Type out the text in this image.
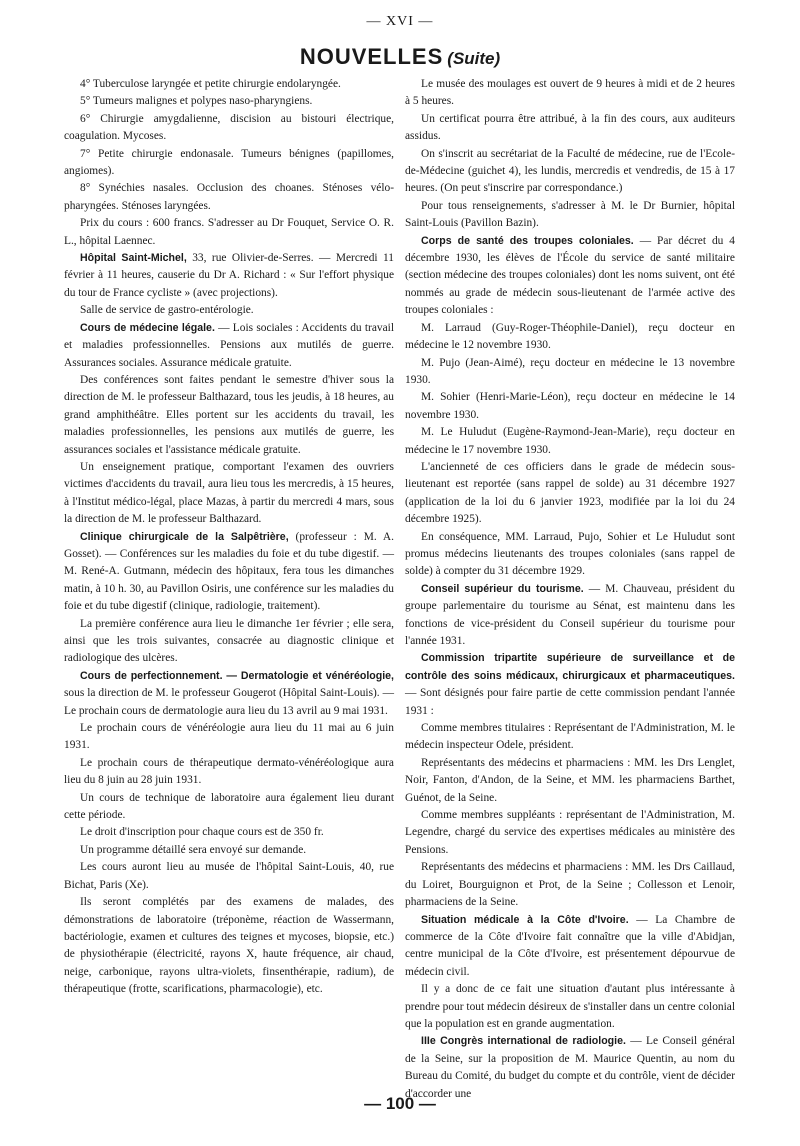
— XVI —
NOUVELLES (Suite)

4° Tuberculose laryngée et petite chirurgie endolaryngée.

5° Tumeurs malignes et polypes naso-pharyngiens.

6° Chirurgie amygdalienne, discision au bistouri électrique, coagulation. Mycoses.

7° Petite chirurgie endonasale. Tumeurs bénignes (papillomes, angiomes).

8° Synéchies nasales. Occlusion des choanes. Sténoses vélo-pharyngées. Sténoses laryngées.

Prix du cours : 600 francs. S'adresser au Dr Fouquet, Service O. R. L., hôpital Laennec.

Hôpital Saint-Michel, 33, rue Olivier-de-Serres. — Mercredi 11 février à 11 heures, causerie du Dr A. Richard : « Sur l'effort physique du tour de France cycliste » (avec projections).

Salle de service de gastro-entérologie.

Cours de médecine légale. — Lois sociales : Accidents du travail et maladies professionnelles. Pensions aux mutilés de guerre. Assurances sociales. Assurance médicale gratuite.

Des conférences sont faites pendant le semestre d'hiver sous la direction de M. le professeur Balthazard, tous les jeudis, à 18 heures, au grand amphithéâtre. Elles portent sur les accidents du travail, les maladies professionnelles, les pensions aux mutilés de guerre, les assurances sociales et l'assistance médicale gratuite.

Un enseignement pratique, comportant l'examen des ouvriers victimes d'accidents du travail, aura lieu tous les mercredis, à 15 heures, à l'Institut médico-légal, place Mazas, à partir du mercredi 4 mars, sous la direction de M. le professeur Balthazard.

Clinique chirurgicale de la Salpêtrière, (professeur : M. A. Gosset). — Conférences sur les maladies du foie et du tube digestif. — M. René-A. Gutmann, médecin des hôpitaux, fera tous les dimanches matin, à 10 h. 30, au Pavillon Osiris, une conférence sur les maladies du foie et du tube digestif (clinique, radiologie, traitement).

La première conférence aura lieu le dimanche 1er février ; elle sera, ainsi que les trois suivantes, consacrée au diagnostic clinique et radiologique des ulcères.

Cours de perfectionnement. — Dermatologie et vénéréologie, sous la direction de M. le professeur Gougerot (Hôpital Saint-Louis). — Le prochain cours de dermatologie aura lieu du 13 avril au 9 mai 1931.

Le prochain cours de vénéréologie aura lieu du 11 mai au 6 juin 1931.

Le prochain cours de thérapeutique dermato-vénéréologique aura lieu du 8 juin au 28 juin 1931.

Un cours de technique de laboratoire aura également lieu durant cette période.

Le droit d'inscription pour chaque cours est de 350 fr.

Un programme détaillé sera envoyé sur demande.

Les cours auront lieu au musée de l'hôpital Saint-Louis, 40, rue Bichat, Paris (Xe).

Ils seront complétés par des examens de malades, des démonstrations de laboratoire (tréponème, réaction de Wassermann, bactériologie, examen et cultures des teignes et mycoses, biopsie, etc.) de physiothérapie (électricité, rayons X, haute fréquence, air chaud, neige, carbonique, rayons ultra-violets, finsenthérapie, radium), de thérapeutique (frotte, scarifications, pharmacologie), etc.

Le musée des moulages est ouvert de 9 heures à midi et de 2 heures à 5 heures.

Un certificat pourra être attribué, à la fin des cours, aux auditeurs assidus.

On s'inscrit au secrétariat de la Faculté de médecine, rue de l'Ecole-de-Médecine (guichet 4), les lundis, mercredis et vendredis, de 15 à 17 heures. (On peut s'inscrire par correspondance.)

Pour tous renseignements, s'adresser à M. le Dr Burnier, hôpital Saint-Louis (Pavillon Bazin).

Corps de santé des troupes coloniales. — Par décret du 4 décembre 1930, les élèves de l'École du service de santé militaire (section médecine des troupes coloniales) dont les noms suivent, ont été nommés au grade de médecin sous-lieutenant de l'armée active des troupes coloniales :

M. Larraud (Guy-Roger-Théophile-Daniel), reçu docteur en médecine le 12 novembre 1930.

M. Pujo (Jean-Aimé), reçu docteur en médecine le 13 novembre 1930.

M. Sohier (Henri-Marie-Léon), reçu docteur en médecine le 14 novembre 1930.

M. Le Huludut (Eugène-Raymond-Jean-Marie), reçu docteur en médecine le 17 novembre 1930.

L'ancienneté de ces officiers dans le grade de médecin sous-lieutenant est reportée (sans rappel de solde) au 31 décembre 1927 (application de la loi du 6 janvier 1923, modifiée par la loi du 24 décembre 1925).

En conséquence, MM. Larraud, Pujo, Sohier et Le Huludut sont promus médecins lieutenants des troupes coloniales (sans rappel de solde) à compter du 31 décembre 1929.

Conseil supérieur du tourisme. — M. Chauveau, président du groupe parlementaire du tourisme au Sénat, est maintenu dans les fonctions de vice-président du Conseil supérieur du tourisme pour l'année 1931.

Commission tripartite supérieure de surveillance et de contrôle des soins médicaux, chirurgicaux et pharmaceutiques. — Sont désignés pour faire partie de cette commission pendant l'année 1931 :

Comme membres titulaires : Représentant de l'Administration, M. le médecin inspecteur Odele, président.

Représentants des médecins et pharmaciens : MM. les Drs Lenglet, Noir, Fanton, d'Andon, de la Seine, et MM. les pharmaciens Barthet, Guénot, de la Seine.

Comme membres suppléants : représentant de l'Administration, M. Legendre, chargé du service des expertises médicales au ministère des Pensions.

Représentants des médecins et pharmaciens : MM. les Drs Caillaud, du Loiret, Bourguignon et Prot, de la Seine ; Collesson et Lenoir, pharmaciens de la Seine.

Situation médicale à la Côte d'Ivoire. — La Chambre de commerce de la Côte d'Ivoire fait connaître que la ville d'Abidjan, centre municipal de la Côte d'Ivoire, est présentement dépourvue de médecin civil.

Il y a donc de ce fait une situation d'autant plus intéressante à prendre pour tout médecin désireux de s'installer dans un centre colonial que la population est en grande augmentation.

IIIe Congrès international de radiologie. — Le Conseil général de la Seine, sur la proposition de M. Maurice Quentin, au nom du Bureau du Comité, du budget du compte et du contrôle, vient de décider d'accorder une

— 100 —
